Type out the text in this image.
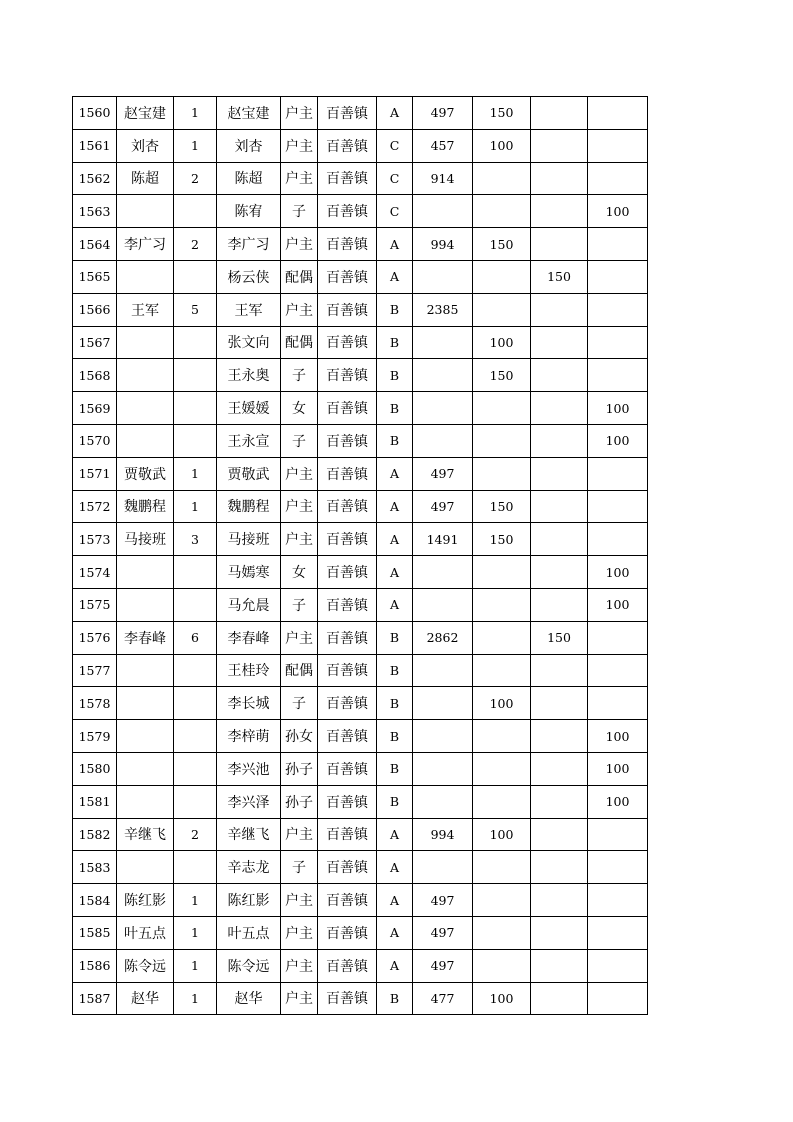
1560	赵宝建	1	赵宝建	户主	百善镇	A	497	150		
1561	刘杏	1	刘杏	户主	百善镇	C	457	100		
1562	陈超	2	陈超	户主	百善镇	C	914			
1563			陈宥	子	百善镇	C				100
1564	李广习	2	李广习	户主	百善镇	A	994	150		
1565			杨云侠	配偶	百善镇	A			150	
1566	王军	5	王军	户主	百善镇	B	2385			
1567			张文向	配偶	百善镇	B		100		
1568			王永奥	子	百善镇	B		150		
1569			王媛媛	女	百善镇	B				100
1570			王永宣	子	百善镇	B				100
1571	贾敬武	1	贾敬武	户主	百善镇	A	497			
1572	魏鹏程	1	魏鹏程	户主	百善镇	A	497	150		
1573	马接班	3	马接班	户主	百善镇	A	1491	150		
1574			马嫣寒	女	百善镇	A				100
1575			马允晨	子	百善镇	A				100
1576	李春峰	6	李春峰	户主	百善镇	B	2862		150	
1577			王桂玲	配偶	百善镇	B				
1578			李长城	子	百善镇	B		100		
1579			李梓萌	孙女	百善镇	B				100
1580			李兴池	孙子	百善镇	B				100
1581			李兴泽	孙子	百善镇	B				100
1582	辛继飞	2	辛继飞	户主	百善镇	A	994	100		
1583			辛志龙	子	百善镇	A				
1584	陈红影	1	陈红影	户主	百善镇	A	497			
1585	叶五点	1	叶五点	户主	百善镇	A	497			
1586	陈令远	1	陈令远	户主	百善镇	A	497			
1587	赵华	1	赵华	户主	百善镇	B	477	100		
